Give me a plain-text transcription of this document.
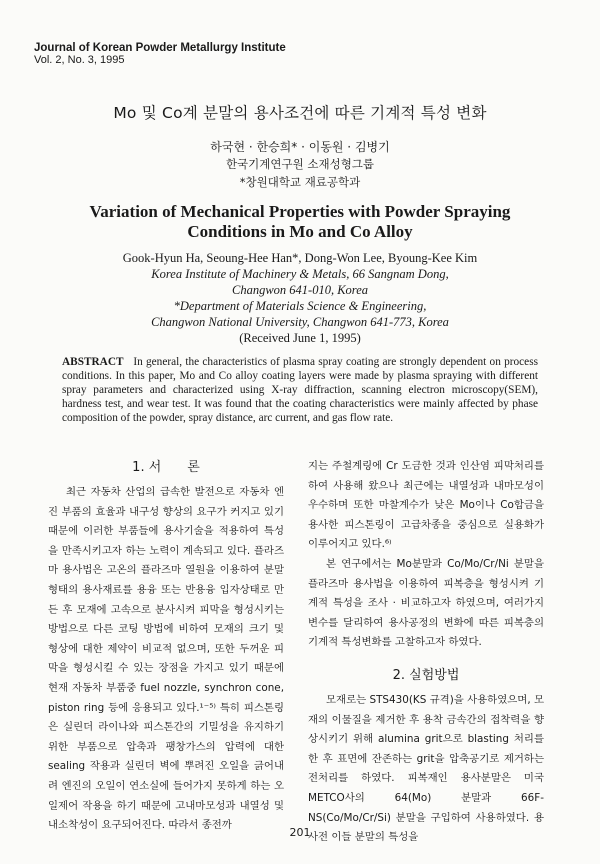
Journal of Korean Powder Metallurgy Institute
Vol. 2, No. 3, 1995
Mo 및 Co계 분말의 용사조건에 따른 기계적 특성 변화
하국현 · 한승희* · 이동원 · 김병기
한국기계연구원 소재성형그룹
*창원대학교 재료공학과
Variation of Mechanical Properties with Powder Spraying
Conditions in Mo and Co Alloy
Gook-Hyun Ha, Seoung-Hee Han*, Dong-Won Lee, Byoung-Kee Kim
Korea Institute of Machinery & Metals, 66 Sangnam Dong,
Changwon 641-010, Korea
*Department of Materials Science & Engineering,
Changwon National University, Changwon 641-773, Korea
(Received June 1, 1995)
ABSTRACT In general, the characteristics of plasma spray coating are strongly dependent on process conditions. In this paper, Mo and Co alloy coating layers were made by plasma spraying with different spray parameters and characterized using X-ray diffraction, scanning electron microscopy(SEM), hardness test, and wear test. It was found that the coating characteristics were mainly affected by phase composition of the powder, spray distance, arc current, and gas flow rate.
1. 서　　론

최근 자동차 산업의 급속한 발전으로 자동차 엔진 부품의 효율과 내구성 향상의 요구가 커지고 있기 때문에 이러한 부품들에 용사기술을 적용하여 특성을 만족시키고자 하는 노력이 계속되고 있다. 플라즈마 용사법은 고온의 플라즈마 열원을 이용하여 분말형태의 용사재료를 용융 또는 반용융 입자상태로 만든 후 모재에 고속으로 분사시켜 피막을 형성시키는 방법으로 다른 코팅 방법에 비하여 모재의 크기 및 형상에 대한 제약이 비교적 없으며, 또한 두꺼운 피막을 형성시킬 수 있는 장점을 가지고 있기 때문에 현재 자동차 부품중 fuel nozzle, synchron cone, piston ring 등에 응용되고 있다.¹⁻⁵⁾ 특히 피스톤링은 실린더 라이나와 피스톤간의 기밀성을 유지하기 위한 부품으로 압축과 팽창가스의 압력에 대한 sealing 작용과 실린더 벽에 뿌려진 오일을 긁어내려 엔진의 오일이 연소실에 들어가지 못하게 하는 오일제어 작용을 하기 때문에 고내마모성과 내열성 및 내소착성이 요구되어진다. 따라서 종전까

지는 주철계링에 Cr 도금한 것과 인산염 피막처리를 하여 사용해 왔으나 최근에는 내열성과 내마모성이 우수하며 또한 마찰계수가 낮은 Mo이나 Co합금을 용사한 피스톤링이 고급차종을 중심으로 실용화가 이루어지고 있다.⁶⁾

본 연구에서는 Mo분말과 Co/Mo/Cr/Ni 분말을 플라즈마 용사법을 이용하여 피복층을 형성시켜 기계적 특성을 조사 · 비교하고자 하였으며, 여러가지 변수를 달리하여 용사공정의 변화에 따른 피복층의 기계적 특성변화를 고찰하고자 하였다.

2. 실험방법

모재로는 STS430(KS 규격)을 사용하였으며, 모재의 이물질을 제거한 후 용착 금속간의 접착력을 향상시키기 위해 alumina grit으로 blasting 처리를 한 후 표면에 잔존하는 grit을 압축공기로 제거하는 전처리를 하였다. 피복재인 용사분말은 미국 METCO사의 64(Mo) 분말과 66F-NS(Co/Mo/Cr/Si) 분말을 구입하여 사용하였다. 용사전 이들 분말의 특성을

201
